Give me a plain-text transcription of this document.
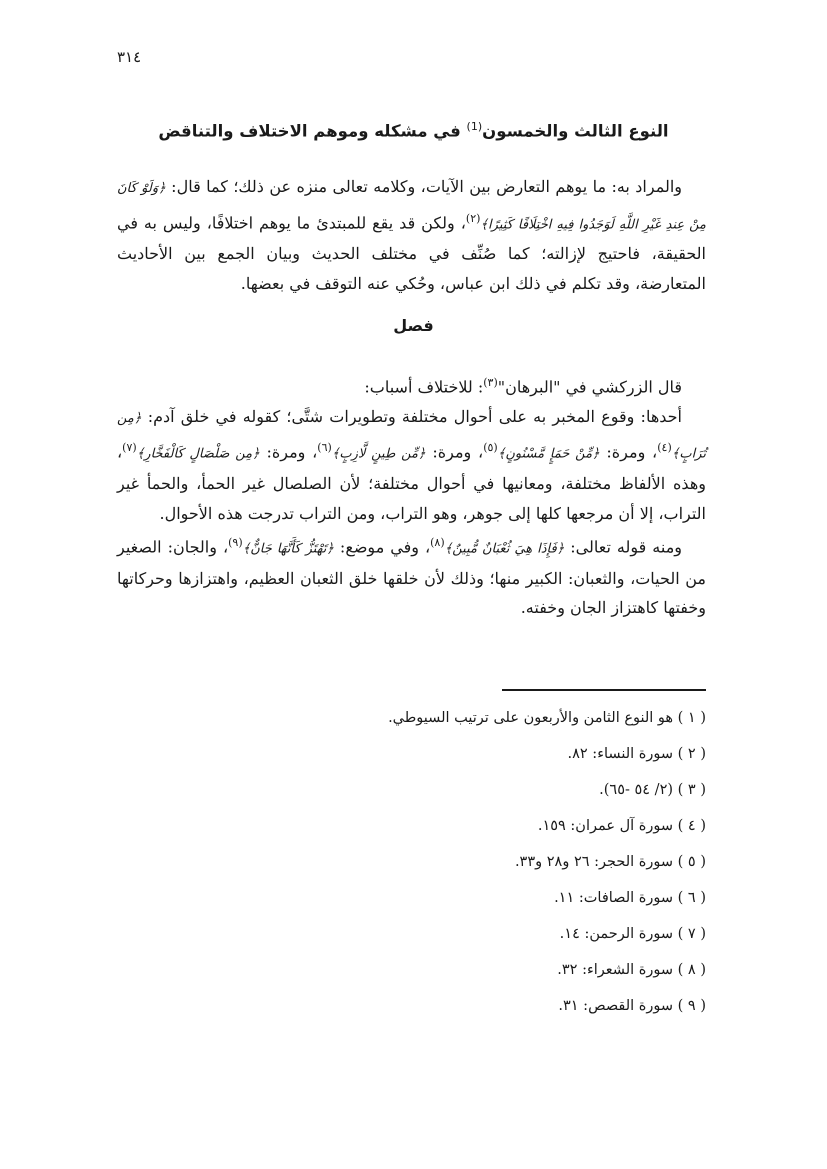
٣١٤
النوع الثالث والخمسون$^{(1)}$ في مشكله وموهم الاختلاف والتناقض

والمراد به: ما يوهم التعارض بين الآيات، وكلامه تعالى منزه عن ذلك؛ كما قال: ﴿وَلَوْ كَانَ مِنْ عِندِ غَيْرِ اللَّهِ لَوَجَدُوا فِيهِ اخْتِلَافًا كَثِيرًا﴾$^{(٢)}$، ولكن قد يقع للمبتدئ ما يوهم اختلافًا، وليس به في الحقيقة، فاحتيج لإزالته؛ كما صُنِّف في مختلف الحديث وبيان الجمع بين الأحاديث المتعارضة، وقد تكلم في ذلك ابن عباس، وحُكي عنه التوقف في بعضها.

فصل

قال الزركشي في "البرهان"$^{(٣)}$: للاختلاف أسباب:

أحدها: وقوع المخبر به على أحوال مختلفة وتطويرات شتَّى؛ كقوله في خلق آدم: ﴿مِن تُرَابٍ﴾$^{(٤)}$، ومرة: ﴿مِّنْ حَمَإٍ مَّسْنُونٍ﴾$^{(٥)}$، ومرة: ﴿مِّن طِينٍ لَّازِبٍ﴾$^{(٦)}$، ومرة: ﴿مِن صَلْصَالٍ كَالْفَخَّارِ﴾$^{(٧)}$، وهذه الألفاظ مختلفة، ومعانيها في أحوال مختلفة؛ لأن الصلصال غير الحمأ، والحمأ غير التراب، إلا أن مرجعها كلها إلى جوهر، وهو التراب، ومن التراب تدرجت هذه الأحوال.

ومنه قوله تعالى: ﴿فَإِذَا هِيَ ثُعْبَانٌ مُّبِينٌ﴾$^{(٨)}$، وفي موضع: ﴿تَهْتَزُّ كَأَنَّهَا جَانٌّ﴾$^{(٩)}$، والجان: الصغير من الحيات، والثعبان: الكبير منها؛ وذلك لأن خلقها خلق الثعبان العظيم، واهتزازها وحركاتها وخفتها كاهتزاز الجان وخفته.

( ١ ) هو النوع الثامن والأربعون على ترتيب السيوطي.
( ٢ ) سورة النساء: ٨٢.
( ٣ ) (٢/ ٥٤ -٦٥).
( ٤ ) سورة آل عمران: ١٥٩.
( ٥ ) سورة الحجر: ٢٦ و٢٨ و٣٣.
( ٦ ) سورة الصافات: ١١.
( ٧ ) سورة الرحمن: ١٤.
( ٨ ) سورة الشعراء: ٣٢.
( ٩ ) سورة القصص: ٣١.
